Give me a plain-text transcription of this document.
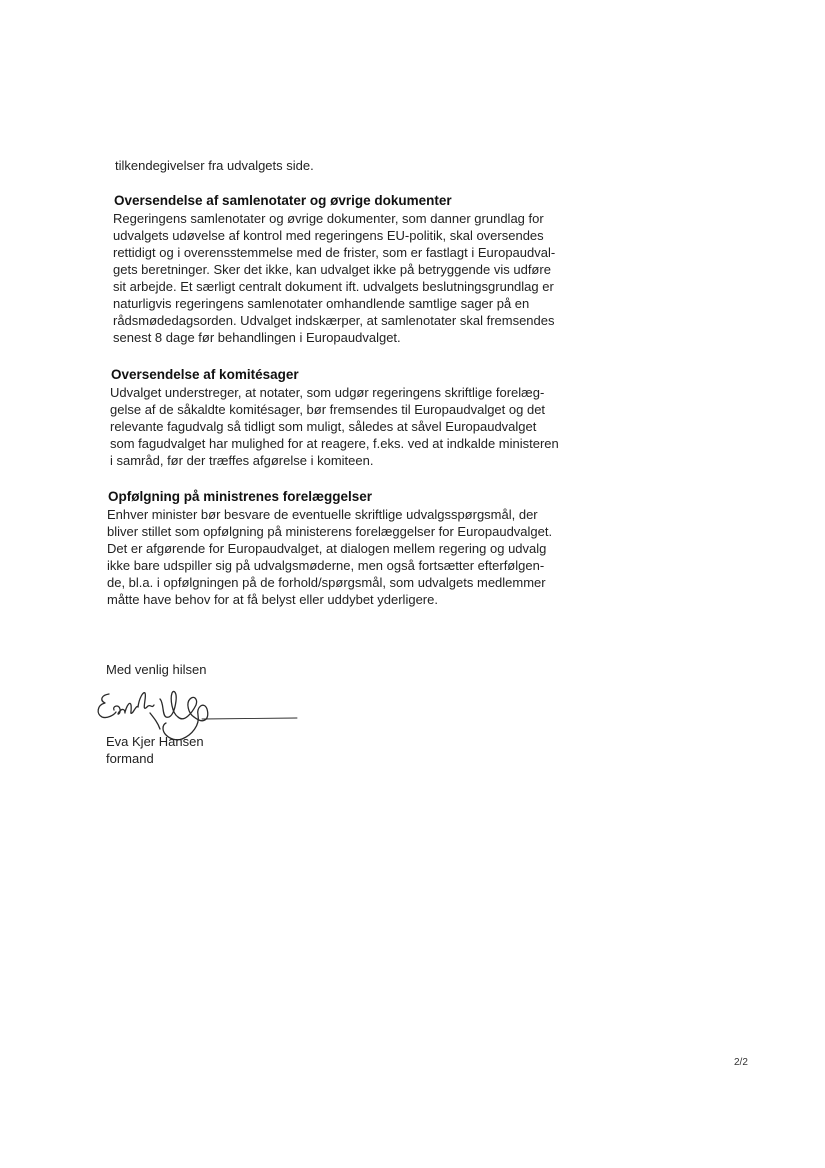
tilkendegivelser fra udvalgets side.
Oversendelse af samlenotater og øvrige dokumenter
Regeringens samlenotater og øvrige dokumenter, som danner grundlag for
udvalgets udøvelse af kontrol med regeringens EU-politik, skal oversendes
rettidigt og i overensstemmelse med de frister, som er fastlagt i Europaudval-
gets beretninger. Sker det ikke, kan udvalget ikke på betryggende vis udføre
sit arbejde. Et særligt centralt dokument ift. udvalgets beslutningsgrundlag er
naturligvis regeringens samlenotater omhandlende samtlige sager på en
rådsmødedagsorden. Udvalget indskærper, at samlenotater skal fremsendes
senest 8 dage før behandlingen i Europaudvalget.
Oversendelse af komitésager
Udvalget understreger, at notater, som udgør regeringens skriftlige forelæg-
gelse af de såkaldte komitésager, bør fremsendes til Europaudvalget og det
relevante fagudvalg så tidligt som muligt, således at såvel Europaudvalget
som fagudvalget har mulighed for at reagere, f.eks. ved at indkalde ministeren
i samråd, før der træffes afgørelse i komiteen.
Opfølgning på ministrenes forelæggelser
Enhver minister bør besvare de eventuelle skriftlige udvalgsspørgsmål, der
bliver stillet som opfølgning på ministerens forelæggelser for Europaudvalget.
Det er afgørende for Europaudvalget, at dialogen mellem regering og udvalg
ikke bare udspiller sig på udvalgsmøderne, men også fortsætter efterfølgen-
de, bl.a. i opfølgningen på de forhold/spørgsmål, som udvalgets medlemmer
måtte have behov for at få belyst eller uddybet yderligere.
Med venlig hilsen
Eva Kjer Hansen
formand
2/2
